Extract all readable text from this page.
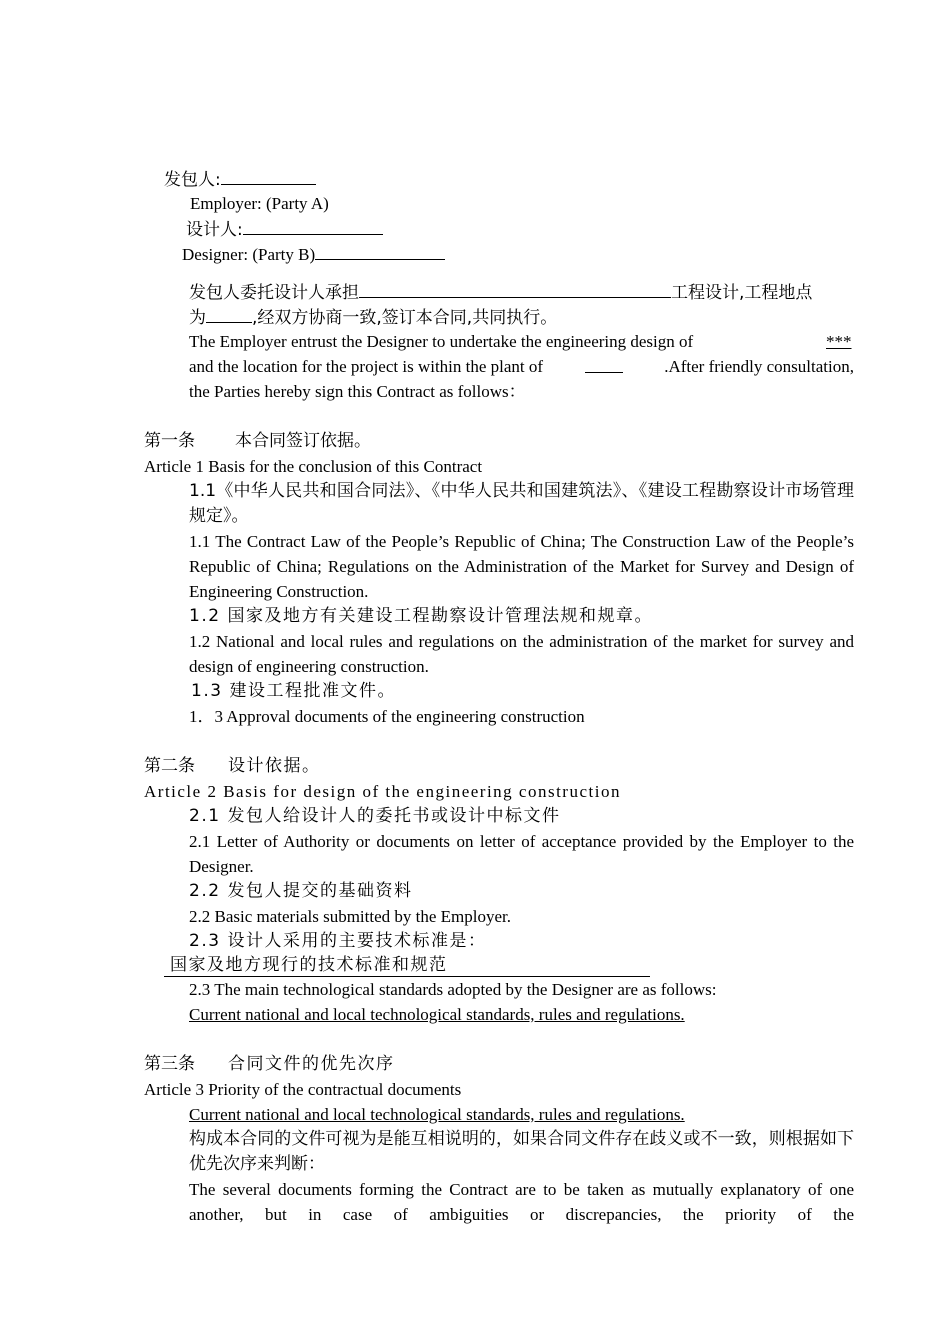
发包人:
Employer: (Party A)
设计人:
Designer: (Party B)
发包人委托设计人承担	工程设计,工程地点
为	,经双方协商一致,签订本合同,共同执行。
The Employer entrust the Designer to undertake the engineering design of	***
and the location for the project is within the plant of	.After friendly consultation,
the Parties hereby sign this Contract as follows：
第一条 本合同签订依据。
Article 1 Basis for the conclusion of this Contract
1.1《中华人民共和国合同法》、《中华人民共和国建筑法》、《建设工程勘察设计市场管理规定》。
1.1 The Contract Law of the People’s Republic of China; The Construction Law of the People’s Republic of China; Regulations on the Administration of the Market for Survey and Design of Engineering Construction.
1.2 国家及地方有关建设工程勘察设计管理法规和规章。
1.2 National and local rules and regulations on the administration of the market for survey and design of engineering construction.
1.3 建设工程批准文件。
1．3 Approval documents of the engineering construction
第二条 设计依据。
Article 2 Basis for design of the engineering construction
2.1 发包人给设计人的委托书或设计中标文件
2.1 Letter of Authority or documents on letter of acceptance provided by the Employer to the Designer.
2.2 发包人提交的基础资料
2.2 Basic materials submitted by the Employer.
2.3 设计人采用的主要技术标准是：
国家及地方现行的技术标准和规范
2.3 The main technological standards adopted by the Designer are as follows:
Current national and local technological standards, rules and regulations.
第三条 合同文件的优先次序
Article 3 Priority of the contractual documents
Current national and local technological standards, rules and regulations.
构成本合同的文件可视为是能互相说明的，如果合同文件存在歧义或不一致，则根据如下优先次序来判断：
The several documents forming the Contract are to be taken as mutually explanatory of one another, but in case of ambiguities or discrepancies, the priority of the
